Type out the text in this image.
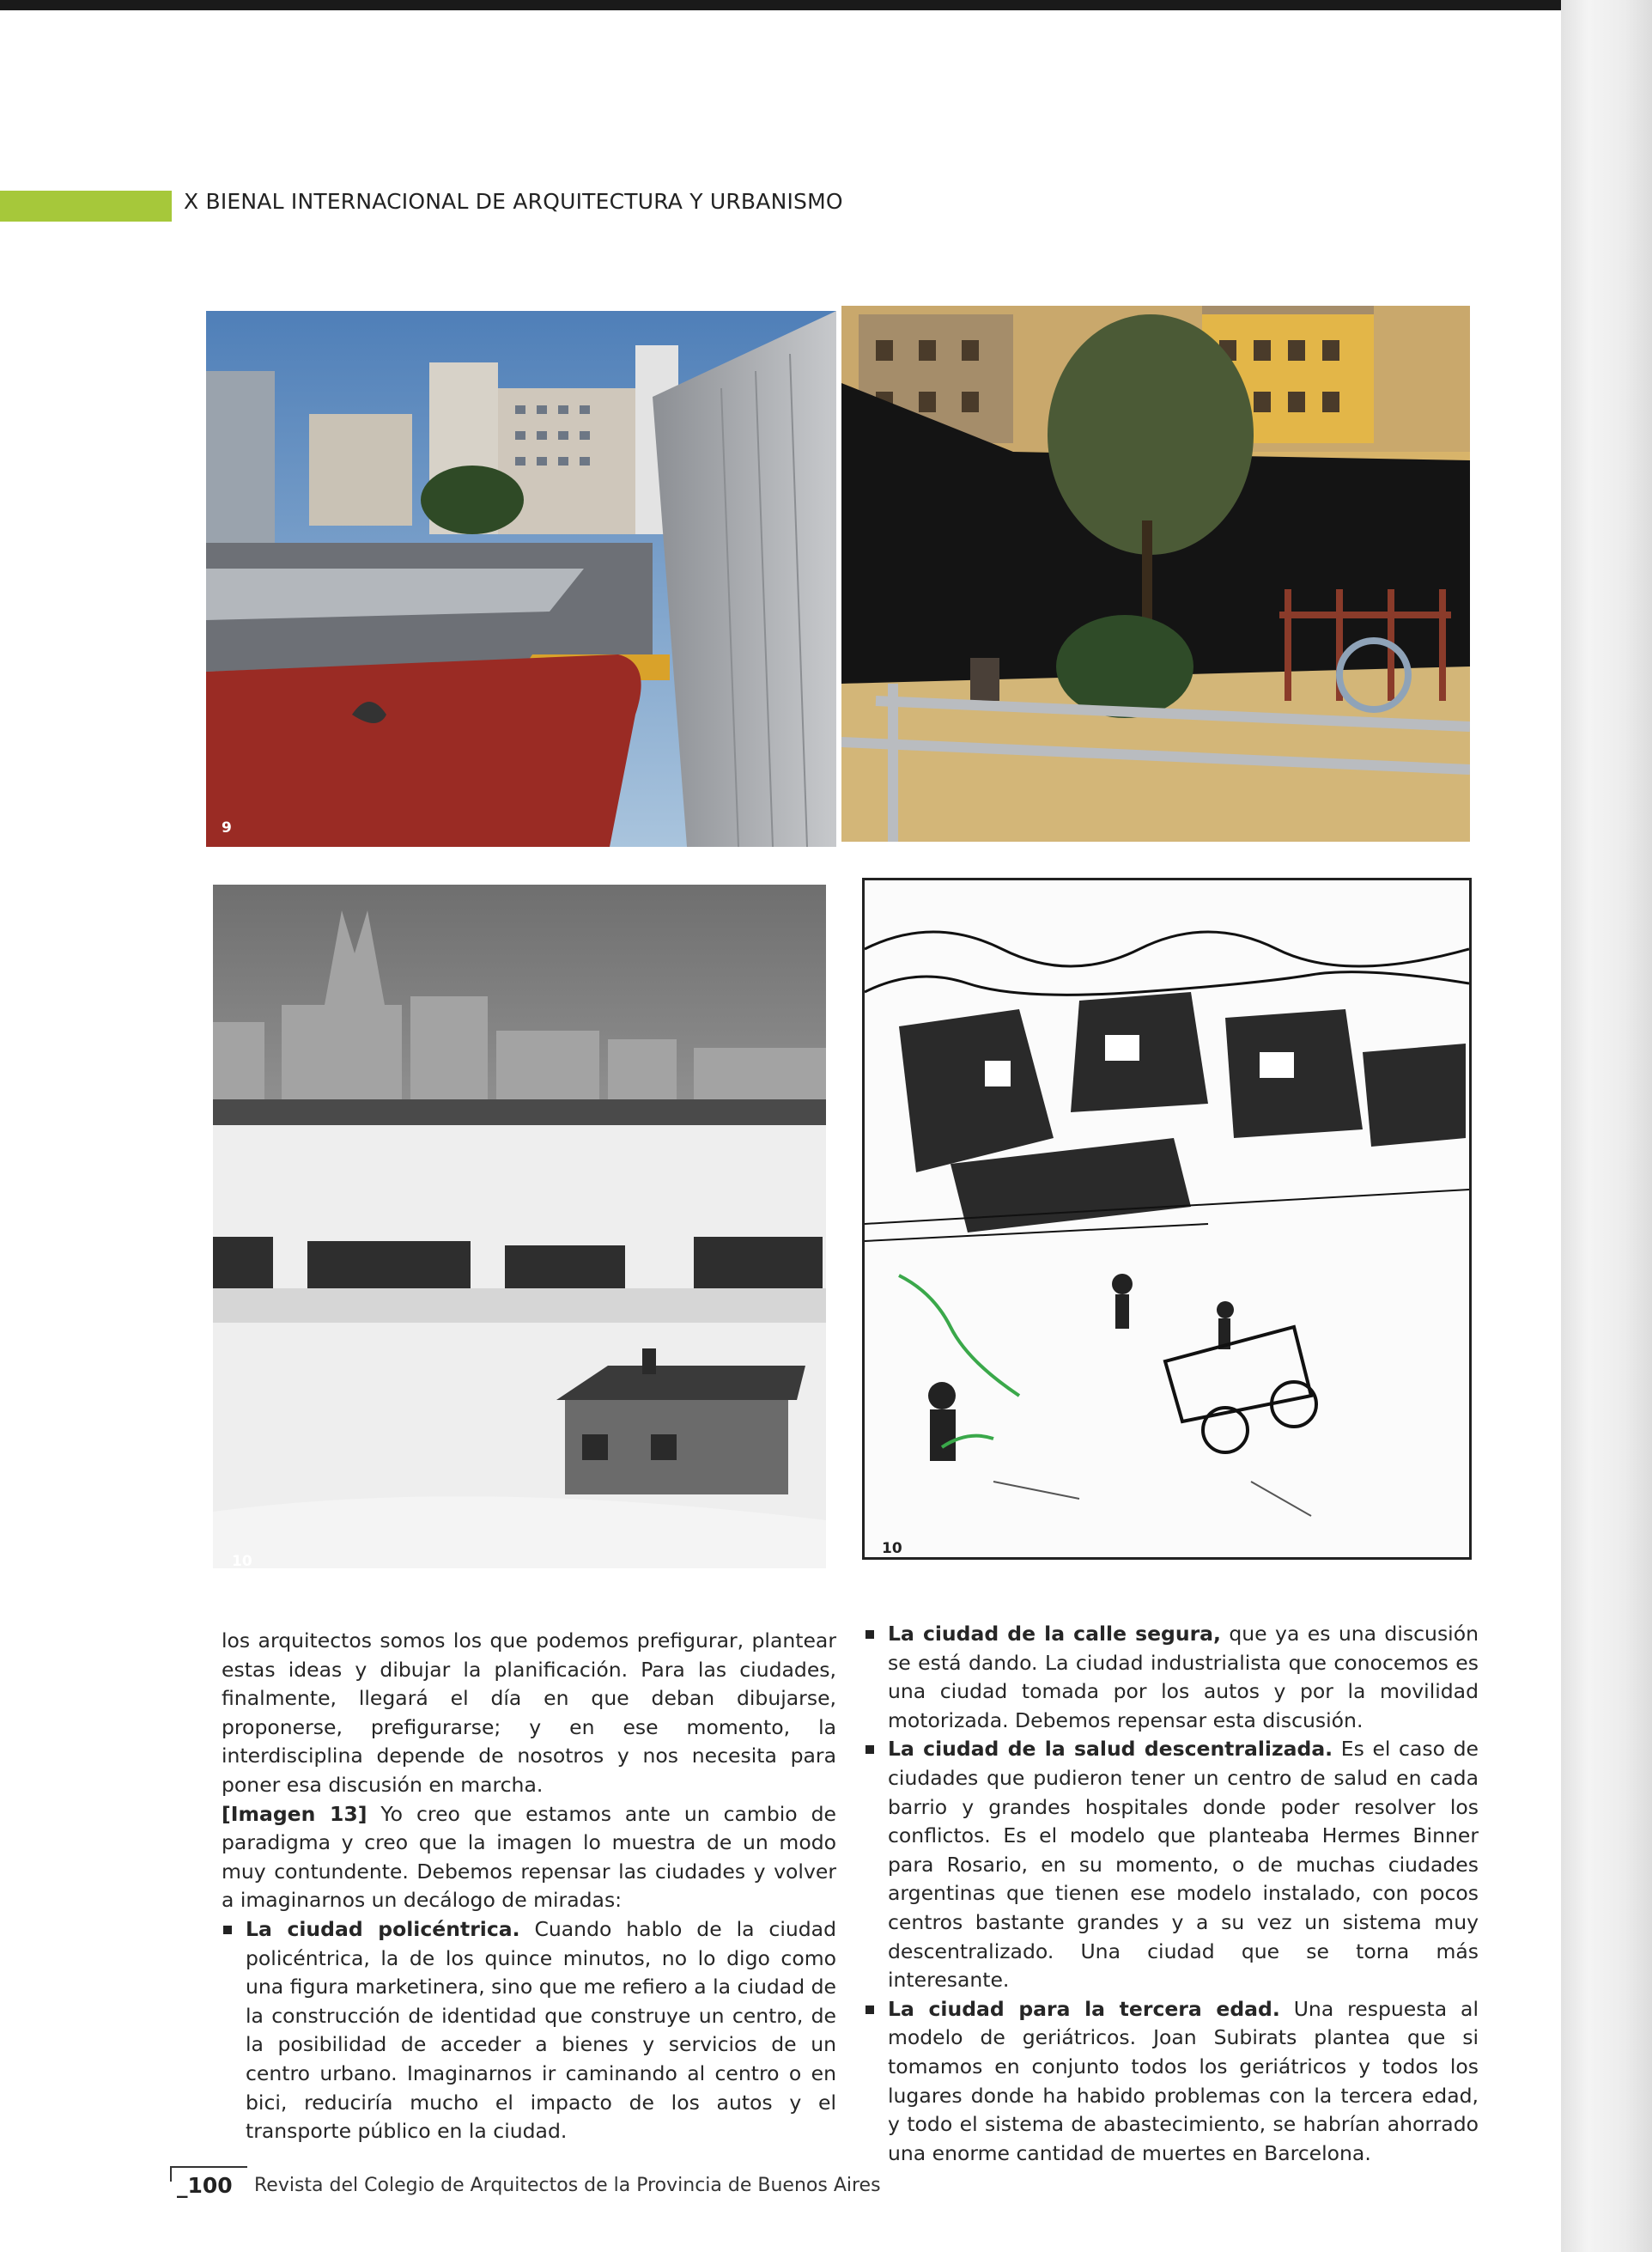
X BIENAL INTERNACIONAL DE ARQUITECTURA Y URBANISMO
9
10
10

los arquitectos somos los que podemos prefigurar, plantear estas ideas y dibujar la planificación. Para las ciudades, finalmente, llegará el día en que deban dibujarse, proponerse, prefigurarse; y en ese momento, la interdisciplina depende de nosotros y nos necesita para poner esa discusión en marcha.

[Imagen 13] Yo creo que estamos ante un cambio de paradigma y creo que la imagen lo muestra de un modo muy contundente. Debemos repensar las ciudades y volver a imaginarnos un decálogo de miradas:

La ciudad policéntrica. Cuando hablo de la ciudad policéntrica, la de los quince minutos, no lo digo como una figura marketinera, sino que me refiero a la ciudad de la construcción de identidad que construye un centro, de la posibilidad de acceder a bienes y servicios de un centro urbano. Imaginarnos ir caminando al centro o en bici, reduciría mucho el impacto de los autos y el transporte público en la ciudad.
La ciudad de la calle segura, que ya es una discusión se está dando. La ciudad industrialista que conocemos es una ciudad tomada por los autos y por la movilidad motorizada. Debemos repensar esta discusión.
La ciudad de la salud descentralizada. Es el caso de ciudades que pudieron tener un centro de salud en cada barrio y grandes hospitales donde poder resolver los conflictos. Es el modelo que planteaba Hermes Binner para Rosario, en su momento, o de muchas ciudades argentinas que tienen ese modelo instalado, con pocos centros bastante grandes y a su vez un sistema muy descentralizado. Una ciudad que se torna más interesante.
La ciudad para la tercera edad. Una respuesta al modelo de geriátricos. Joan Subirats plantea que si tomamos en conjunto todos los geriátricos y todos los lugares donde ha habido problemas con la tercera edad, y todo el sistema de abastecimiento, se habrían ahorrado una enorme cantidad de muertes en Barcelona.
_100 Revista del Colegio de Arquitectos de la Provincia de Buenos Aires
